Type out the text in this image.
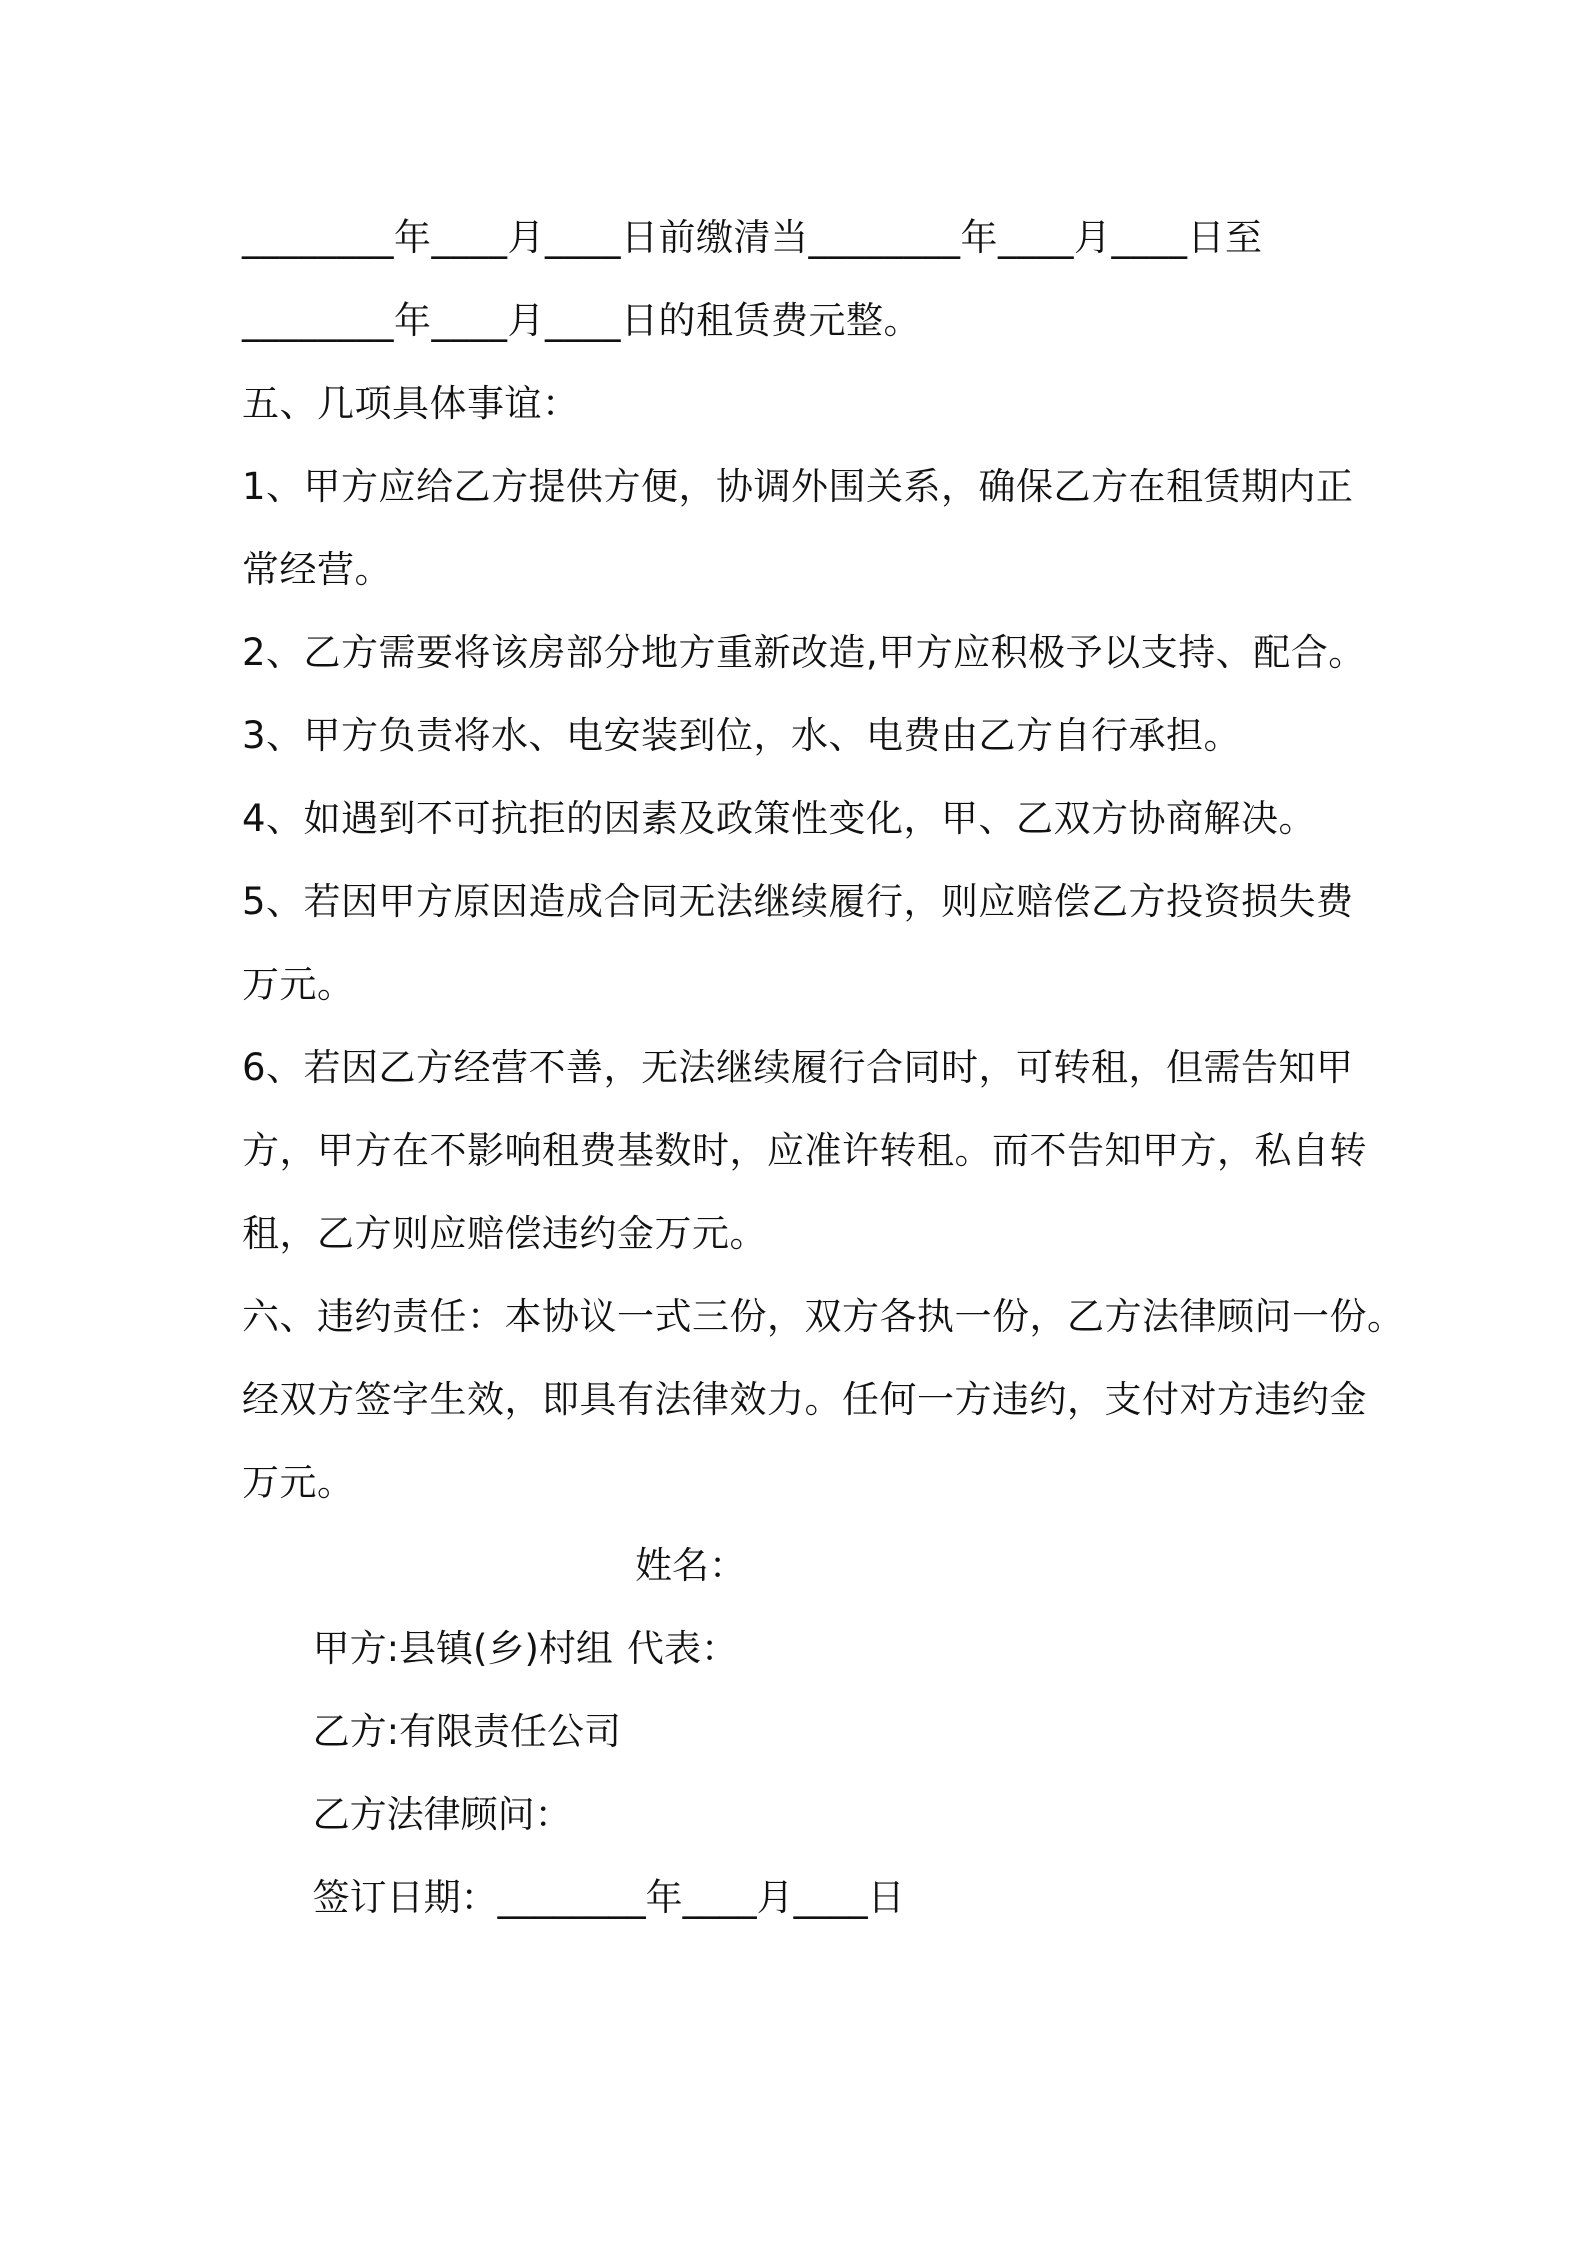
________年____月____日前缴清当________年____月____日至
________年____月____日的租赁费元整。
五、几项具体事谊：
1、甲方应给乙方提供方便，协调外围关系，确保乙方在租赁期内正
常经营。
2、乙方需要将该房部分地方重新改造,甲方应积极予以支持、配合。
3、甲方负责将水、电安装到位，水、电费由乙方自行承担。
4、如遇到不可抗拒的因素及政策性变化，甲、乙双方协商解决。
5、若因甲方原因造成合同无法继续履行，则应赔偿乙方投资损失费
万元。
6、若因乙方经营不善，无法继续履行合同时，可转租，但需告知甲
方，甲方在不影响租费基数时，应准许转租。而不告知甲方，私自转
租，乙方则应赔偿违约金万元。
六、违约责任：本协议一式三份，双方各执一份，乙方法律顾问一份。
经双方签字生效，即具有法律效力。任何一方违约，支付对方违约金
万元。

甲方:县镇(乡)村组

姓名：

乙方:有限责任公司

代表：

乙方法律顾问：

签订日期：________年____月____日
